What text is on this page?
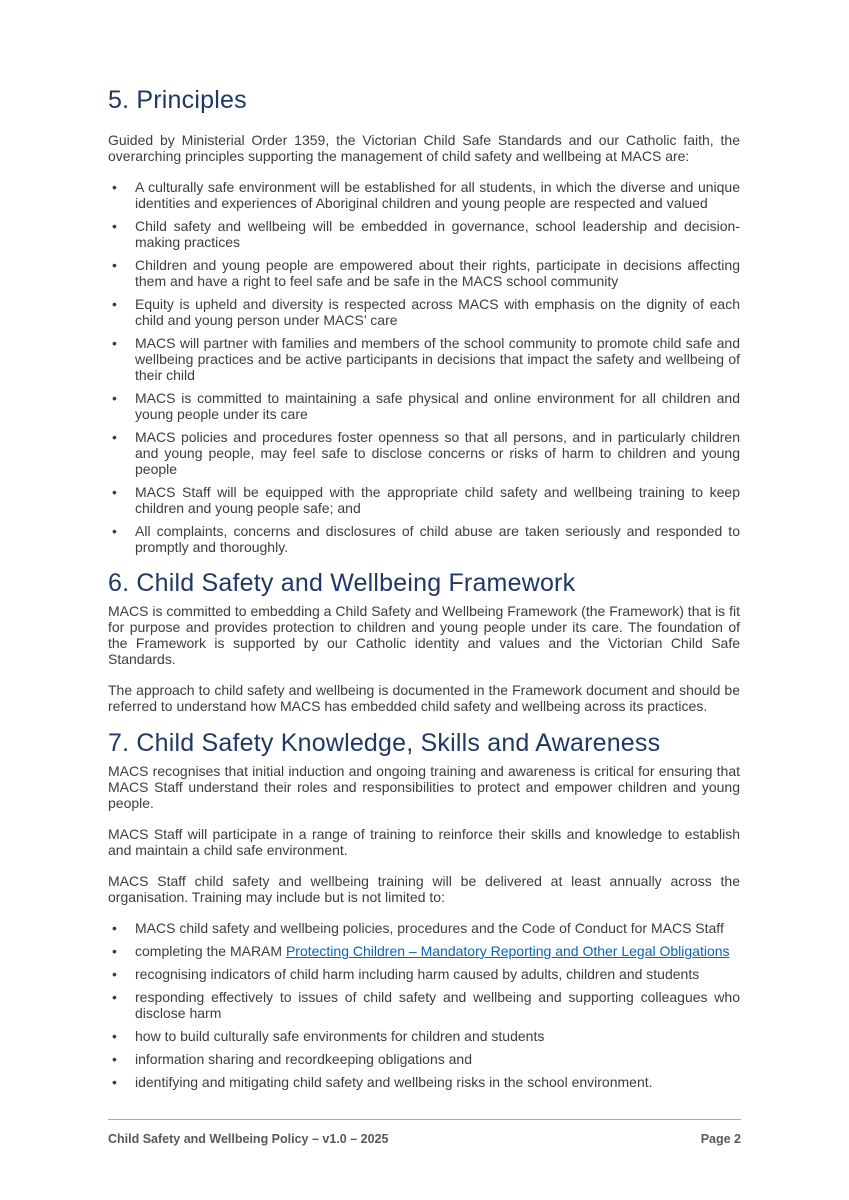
5. Principles

Guided by Ministerial Order 1359, the Victorian Child Safe Standards and our Catholic faith, the overarching principles supporting the management of child safety and wellbeing at MACS are:

•	A culturally safe environment will be established for all students, in which the diverse and unique identities and experiences of Aboriginal children and young people are respected and valued
•	Child safety and wellbeing will be embedded in governance, school leadership and decision-making practices
•	Children and young people are empowered about their rights, participate in decisions affecting them and have a right to feel safe and be safe in the MACS school community
•	Equity is upheld and diversity is respected across MACS with emphasis on the dignity of each child and young person under MACS’ care
•	MACS will partner with families and members of the school community to promote child safe and wellbeing practices and be active participants in decisions that impact the safety and wellbeing of their child
•	MACS is committed to maintaining a safe physical and online environment for all children and young people under its care
•	MACS policies and procedures foster openness so that all persons, and in particularly children and young people, may feel safe to disclose concerns or risks of harm to children and young people
•	MACS Staff will be equipped with the appropriate child safety and wellbeing training to keep children and young people safe; and
•	All complaints, concerns and disclosures of child abuse are taken seriously and responded to promptly and thoroughly.
6. Child Safety and Wellbeing Framework

MACS is committed to embedding a Child Safety and Wellbeing Framework (the Framework) that is fit for purpose and provides protection to children and young people under its care. The foundation of the Framework is supported by our Catholic identity and values and the Victorian Child Safe Standards.

The approach to child safety and wellbeing is documented in the Framework document and should be referred to understand how MACS has embedded child safety and wellbeing across its practices.

7. Child Safety Knowledge, Skills and Awareness

MACS recognises that initial induction and ongoing training and awareness is critical for ensuring that MACS Staff understand their roles and responsibilities to protect and empower children and young people.

MACS Staff will participate in a range of training to reinforce their skills and knowledge to establish and maintain a child safe environment.

MACS Staff child safety and wellbeing training will be delivered at least annually across the organisation. Training may include but is not limited to:

•	MACS child safety and wellbeing policies, procedures and the Code of Conduct for MACS Staff
•	completing the MARAM Protecting Children – Mandatory Reporting and Other Legal Obligations
•	recognising indicators of child harm including harm caused by adults, children and students
•	responding effectively to issues of child safety and wellbeing and supporting colleagues who disclose harm
•	how to build culturally safe environments for children and students
•	information sharing and recordkeeping obligations and
•	identifying and mitigating child safety and wellbeing risks in the school environment.
Child Safety and Wellbeing Policy – v1.0 – 2025	Page 2
